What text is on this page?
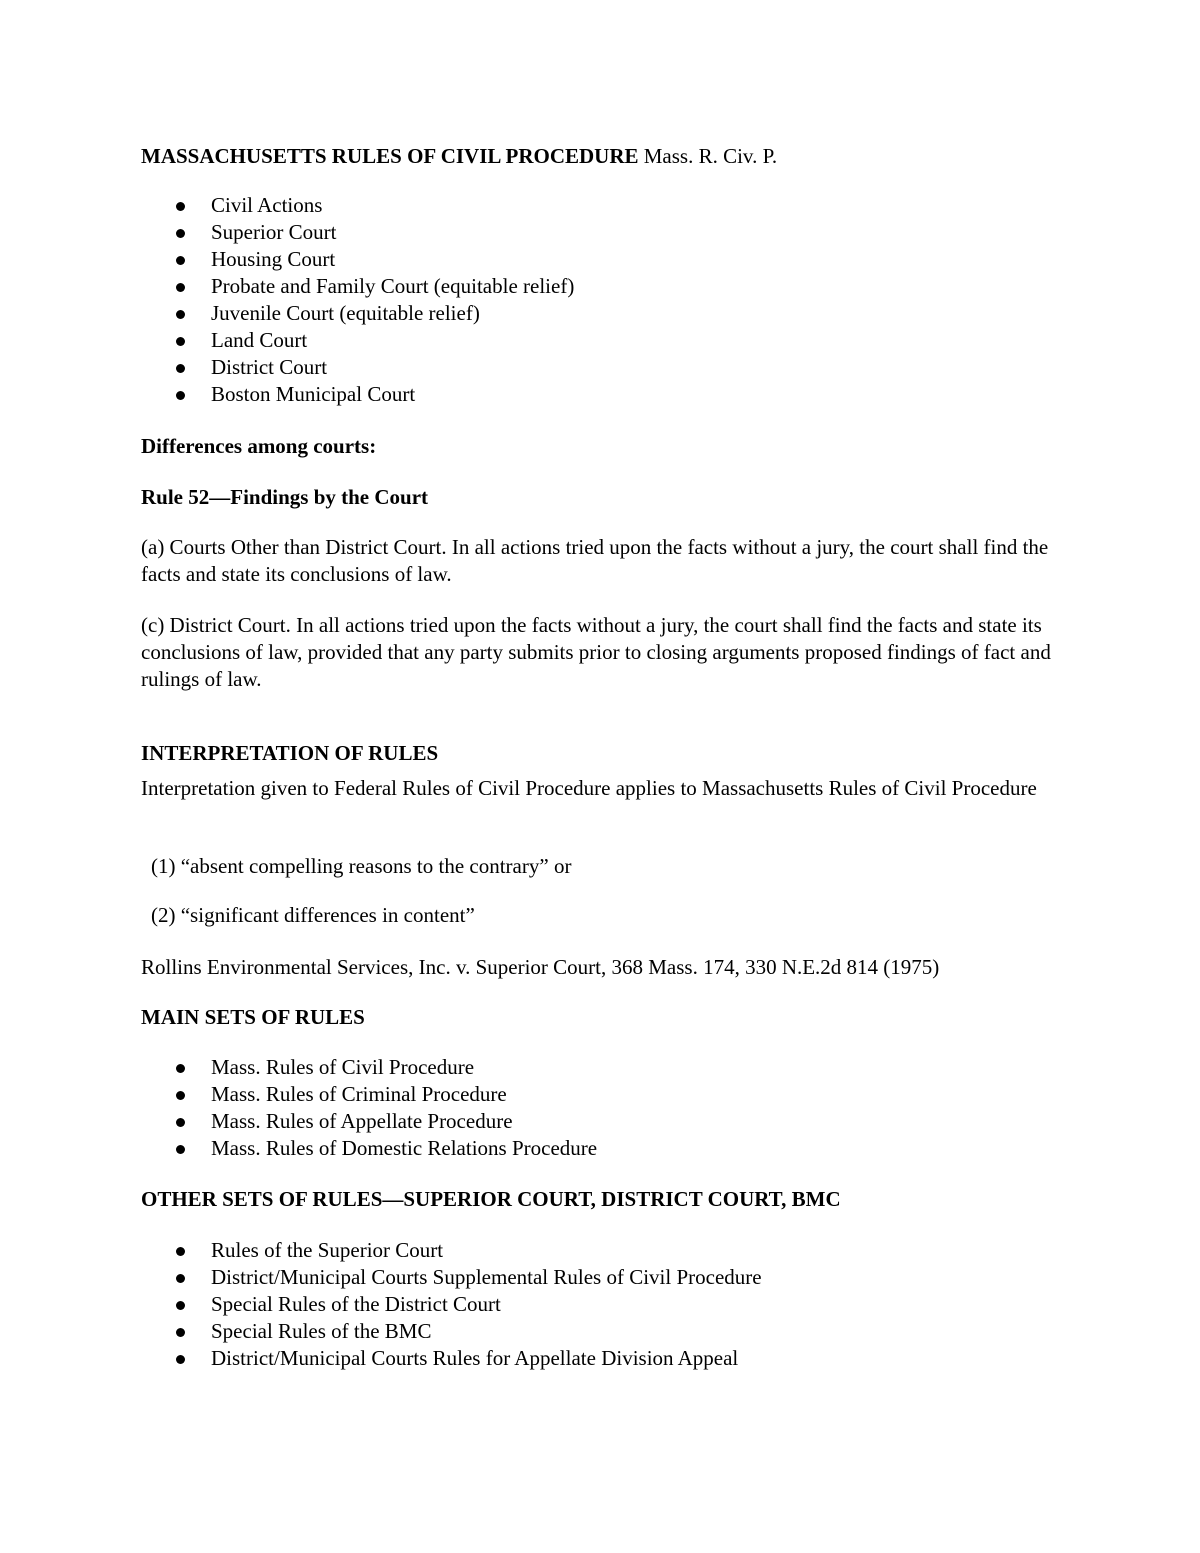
MASSACHUSETTS RULES OF CIVIL PROCEDURE Mass. R. Civ. P.

Civil Actions
Superior Court
Housing Court
Probate and Family Court (equitable relief)
Juvenile Court (equitable relief)
Land Court
District Court
Boston Municipal Court

Differences among courts:

Rule 52—Findings by the Court

(a) Courts Other than District Court. In all actions tried upon the facts without a jury, the court shall find the facts and state its conclusions of law.

(c) District Court. In all actions tried upon the facts without a jury, the court shall find the facts and state its conclusions of law, provided that any party submits prior to closing arguments proposed findings of fact and rulings of law.

INTERPRETATION OF RULES

Interpretation given to Federal Rules of Civil Procedure applies to Massachusetts Rules of Civil Procedure

(1) “absent compelling reasons to the contrary” or

(2) “significant differences in content”

Rollins Environmental Services, Inc. v. Superior Court, 368 Mass. 174, 330 N.E.2d 814 (1975)

MAIN SETS OF RULES

Mass. Rules of Civil Procedure
Mass. Rules of Criminal Procedure
Mass. Rules of Appellate Procedure
Mass. Rules of Domestic Relations Procedure

OTHER SETS OF RULES—SUPERIOR COURT, DISTRICT COURT, BMC

Rules of the Superior Court
District/Municipal Courts Supplemental Rules of Civil Procedure
Special Rules of the District Court
Special Rules of the BMC
District/Municipal Courts Rules for Appellate Division Appeal
